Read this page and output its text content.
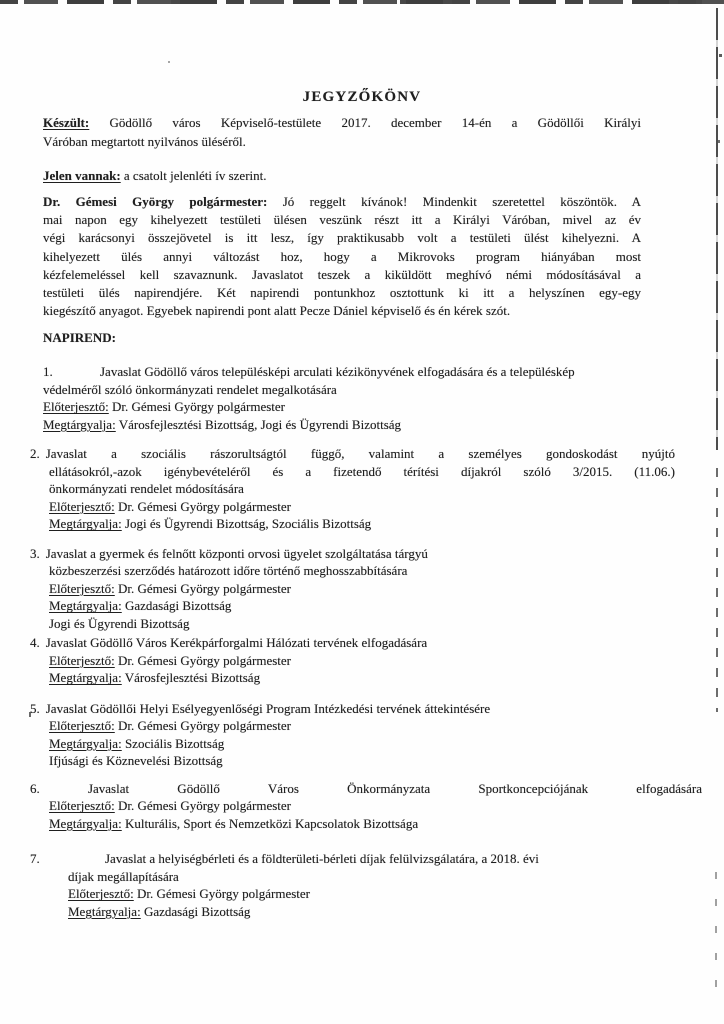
JEGYZŐKÖNV
Készült: Gödöllő város Képviselő-testülete 2017. december 14-én a Gödöllői Királyi
Váróban megtartott nyilvános üléséről.
Jelen vannak: a csatolt jelenléti ív szerint.
Dr. Gémesi György polgármester: Jó reggelt kívánok! Mindenkit szeretettel köszöntök. A
mai napon egy kihelyezett testületi ülésen veszünk részt itt a Királyi Váróban, mivel az év
végi karácsonyi összejövetel is itt lesz, így praktikusabb volt a testületi ülést kihelyezni. A
kihelyezett ülés annyi változást hoz, hogy a Mikrovoks program hiányában most
kézfelemeléssel kell szavaznunk. Javaslatot teszek a kiküldött meghívó némi módosításával a
testületi ülés napirendjére. Két napirendi pontunkhoz osztottunk ki itt a helyszínen egy-egy
kiegészítő anyagot. Egyebek napirendi pont alatt Pecze Dániel képviselő és én kérek szót.
NAPIREND:
1.	Javaslat Gödöllő város településképi arculati kézikönyvének elfogadására és a településkép
védelméről szóló önkormányzati rendelet megalkotására
Előterjesztő: Dr. Gémesi György polgármester
Megtárgyalja: Városfejlesztési Bizottság, Jogi és Ügyrendi Bizottság
2. Javaslat a szociális rászorultságtól függő, valamint a személyes gondoskodást nyújtó
ellátásokról,-azok igénybevételéről és a fizetendő térítési díjakról szóló 3/2015. (11.06.)
önkormányzati rendelet módosítására
Előterjesztő: Dr. Gémesi György polgármester
Megtárgyalja: Jogi és Ügyrendi Bizottság, Szociális Bizottság
3. Javaslat a gyermek és felnőtt központi orvosi ügyelet szolgáltatása tárgyú
közbeszerzési szerződés határozott időre történő meghosszabbítására
Előterjesztő: Dr. Gémesi György polgármester
Megtárgyalja: Gazdasági Bizottság
Jogi és Ügyrendi Bizottság
4. Javaslat Gödöllő Város Kerékpárforgalmi Hálózati tervének elfogadására
Előterjesztő: Dr. Gémesi György polgármester
Megtárgyalja: Városfejlesztési Bizottság
5. Javaslat Gödöllői Helyi Esélyegyenlőségi Program Intézkedési tervének áttekintésére
Előterjesztő: Dr. Gémesi György polgármester
Megtárgyalja: Szociális Bizottság
Ifjúsági és Köznevelési Bizottság
6.	Javaslat Gödöllő Város Önkormányzata Sportkoncepciójának elfogadására
Előterjesztő: Dr. Gémesi György polgármester
Megtárgyalja: Kulturális, Sport és Nemzetközi Kapcsolatok Bizottsága
7.	Javaslat a helyiségbérleti és a földterületi-bérleti díjak felülvizsgálatára, a 2018. évi
díjak megállapítására
Előterjesztő: Dr. Gémesi György polgármester
Megtárgyalja: Gazdasági Bizottság
